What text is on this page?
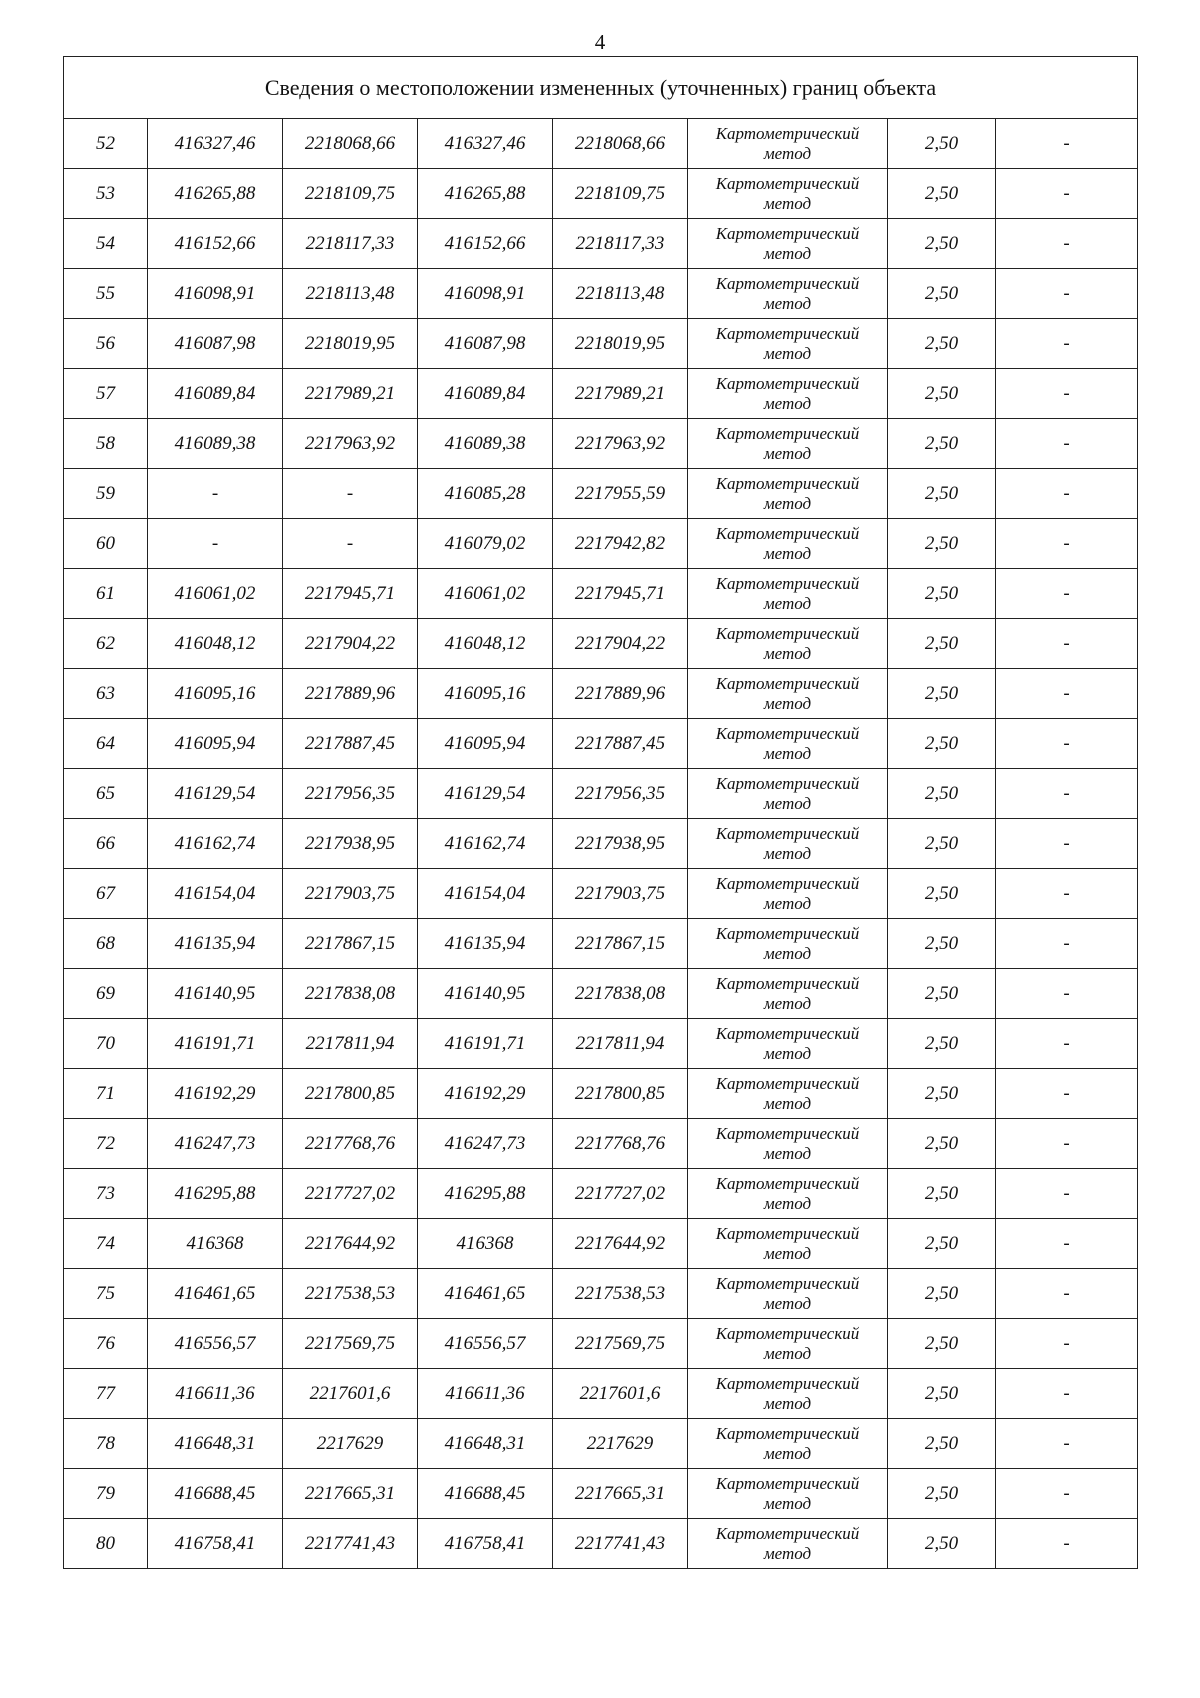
4
Сведения о местоположении измененных (уточненных) границ объекта							
52	416327,46	2218068,66	416327,46	2218068,66	Картометрический
метод	2,50	-
53	416265,88	2218109,75	416265,88	2218109,75	Картометрический
метод	2,50	-
54	416152,66	2218117,33	416152,66	2218117,33	Картометрический
метод	2,50	-
55	416098,91	2218113,48	416098,91	2218113,48	Картометрический
метод	2,50	-
56	416087,98	2218019,95	416087,98	2218019,95	Картометрический
метод	2,50	-
57	416089,84	2217989,21	416089,84	2217989,21	Картометрический
метод	2,50	-
58	416089,38	2217963,92	416089,38	2217963,92	Картометрический
метод	2,50	-
59	-	-	416085,28	2217955,59	Картометрический
метод	2,50	-
60	-	-	416079,02	2217942,82	Картометрический
метод	2,50	-
61	416061,02	2217945,71	416061,02	2217945,71	Картометрический
метод	2,50	-
62	416048,12	2217904,22	416048,12	2217904,22	Картометрический
метод	2,50	-
63	416095,16	2217889,96	416095,16	2217889,96	Картометрический
метод	2,50	-
64	416095,94	2217887,45	416095,94	2217887,45	Картометрический
метод	2,50	-
65	416129,54	2217956,35	416129,54	2217956,35	Картометрический
метод	2,50	-
66	416162,74	2217938,95	416162,74	2217938,95	Картометрический
метод	2,50	-
67	416154,04	2217903,75	416154,04	2217903,75	Картометрический
метод	2,50	-
68	416135,94	2217867,15	416135,94	2217867,15	Картометрический
метод	2,50	-
69	416140,95	2217838,08	416140,95	2217838,08	Картометрический
метод	2,50	-
70	416191,71	2217811,94	416191,71	2217811,94	Картометрический
метод	2,50	-
71	416192,29	2217800,85	416192,29	2217800,85	Картометрический
метод	2,50	-
72	416247,73	2217768,76	416247,73	2217768,76	Картометрический
метод	2,50	-
73	416295,88	2217727,02	416295,88	2217727,02	Картометрический
метод	2,50	-
74	416368	2217644,92	416368	2217644,92	Картометрический
метод	2,50	-
75	416461,65	2217538,53	416461,65	2217538,53	Картометрический
метод	2,50	-
76	416556,57	2217569,75	416556,57	2217569,75	Картометрический
метод	2,50	-
77	416611,36	2217601,6	416611,36	2217601,6	Картометрический
метод	2,50	-
78	416648,31	2217629	416648,31	2217629	Картометрический
метод	2,50	-
79	416688,45	2217665,31	416688,45	2217665,31	Картометрический
метод	2,50	-
80	416758,41	2217741,43	416758,41	2217741,43	Картометрический
метод	2,50	-
